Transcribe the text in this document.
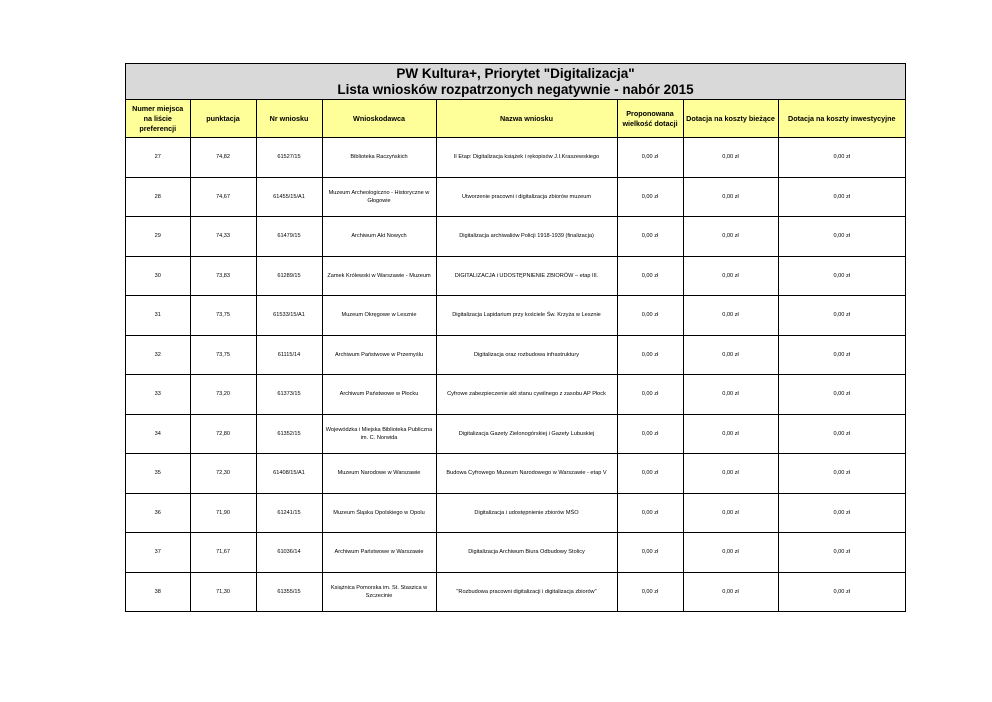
PW Kultura+, Priorytet "Digitalizacja"
Lista wniosków rozpatrzonych negatywnie - nabór 2015
Numer miejsca na liście preferencji	punktacja	Nr wniosku	Wnioskodawca	Nazwa wniosku	Proponowana wielkość dotacji	Dotacja na koszty bieżące	Dotacja na koszty inwestycyjne
27	74,82	61527/15	Biblioteka Raczyńskich	II Etap: Digitalizacja książek i rękopisów J.I.Kraszewskiego	0,00 zł	0,00 zł	0,00 zł
28	74,67	61455/15/A1	Muzeum Archeologiczno - Historyczne w Głogowie	Utworzenie pracowni i digitalizacja zbiorów muzeum	0,00 zł	0,00 zł	0,00 zł
29	74,33	61479/15	Archiwum Akt Nowych	Digitalizacja archiwaliów Policji 1918-1939 (finalizacja)	0,00 zł	0,00 zł	0,00 zł
30	73,83	61289/15	Zamek Królewski w Warszawie - Muzeum	DIGITALIZACJA i UDOSTĘPNIENIE ZBIORÓW – etap III.	0,00 zł	0,00 zł	0,00 zł
31	73,75	61533/15/A1	Muzeum Okręgowe w Lesznie	Digitalizacja Lapidarium przy kościele Św. Krzyża w Lesznie	0,00 zł	0,00 zł	0,00 zł
32	73,75	61115/14	Archiwum Państwowe w Przemyślu	Digitalizacja oraz rozbudowa infrastruktury	0,00 zł	0,00 zł	0,00 zł
33	73,20	61373/15	Archiwum Państwowe w Płocku	Cyfrowe zabezpieczenie akt stanu cywilnego z zasobu AP Płock	0,00 zł	0,00 zł	0,00 zł
34	72,80	61352/15	Wojewódzka i Miejska Biblioteka Publiczna im. C. Norwida	Digitalizacja Gazety Zielonogórskiej i Gazety Lubuskiej	0,00 zł	0,00 zł	0,00 zł
35	72,30	61408/15/A1	Muzeum Narodowe w Warszawie	Budowa Cyfrowego Muzeum Narodowego w Warszawie - etap V	0,00 zł	0,00 zł	0,00 zł
36	71,90	61241/15	Muzeum Śląska Opolskiego w Opolu	Digitalizacja i udostępnienie zbiorów MŚO	0,00 zł	0,00 zł	0,00 zł
37	71,67	61036/14	Archiwum Państwowe w Warszawie	Digitalizacja Archiwum Biura Odbudowy Stolicy	0,00 zł	0,00 zł	0,00 zł
38	71,30	61355/15	Książnica Pomorska im. St. Staszica w Szczecinie	"Rozbudowa pracowni digitalizacji i digitalizacja zbiorów"	0,00 zł	0,00 zł	0,00 zł
